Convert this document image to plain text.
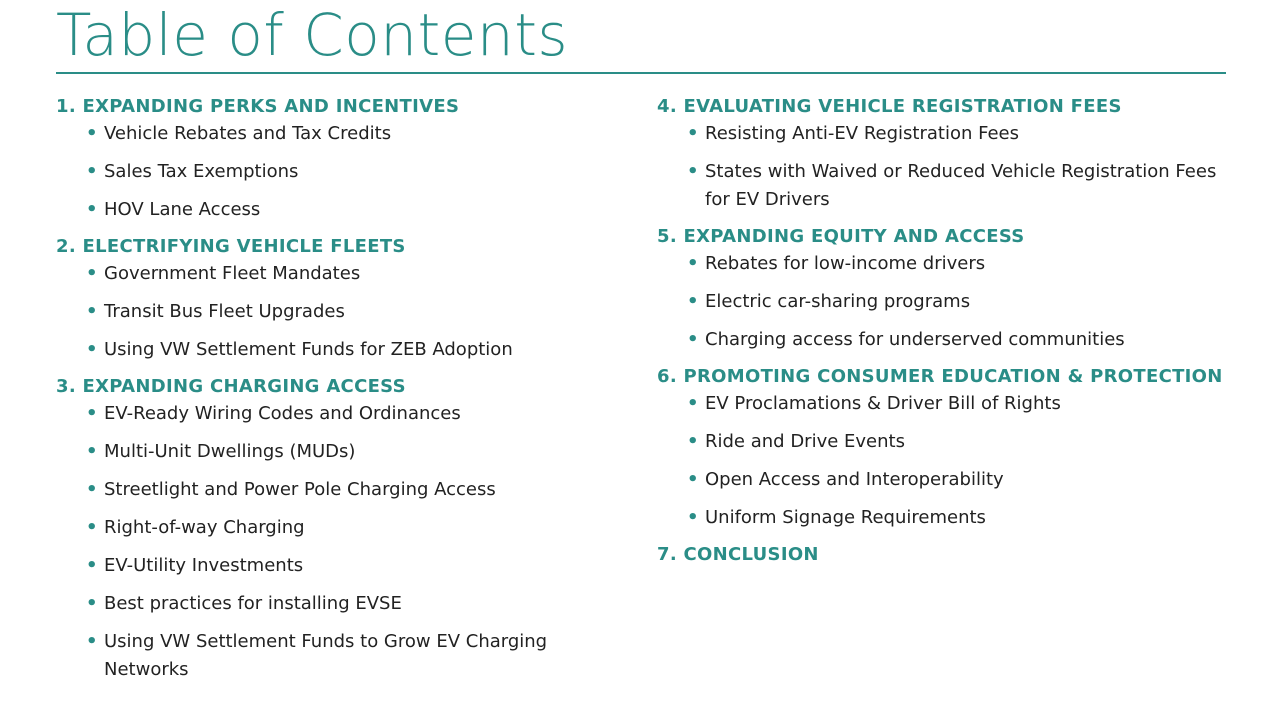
Table of Contents
1. EXPANDING PERKS AND INCENTIVES
• Vehicle Rebates and Tax Credits
• Sales Tax Exemptions
• HOV Lane Access
2. ELECTRIFYING VEHICLE FLEETS
• Government Fleet Mandates
• Transit Bus Fleet Upgrades
• Using VW Settlement Funds for ZEB Adoption
3. EXPANDING CHARGING ACCESS
• EV-Ready Wiring Codes and Ordinances
• Multi-Unit Dwellings (MUDs)
• Streetlight and Power Pole Charging Access
• Right-of-way Charging
• EV-Utility Investments
• Best practices for installing EVSE
• Using VW Settlement Funds to Grow EV Charging Networks
4. EVALUATING VEHICLE REGISTRATION FEES
• Resisting Anti-EV Registration Fees
• States with Waived or Reduced Vehicle Registration Fees for EV Drivers
5. EXPANDING EQUITY AND ACCESS
• Rebates for low-income drivers
• Electric car-sharing programs
• Charging access for underserved communities
6. PROMOTING CONSUMER EDUCATION & PROTECTION
• EV Proclamations & Driver Bill of Rights
• Ride and Drive Events
• Open Access and Interoperability
• Uniform Signage Requirements
7. CONCLUSION
